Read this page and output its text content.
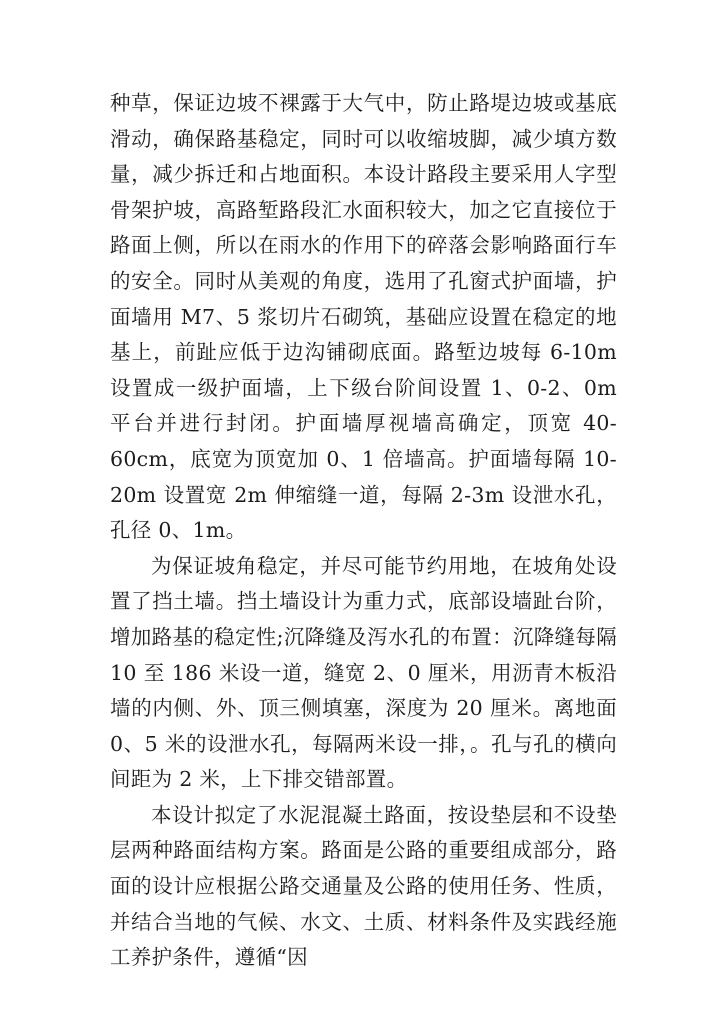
种草，保证边坡不裸露于大气中，防止路堤边坡或基底滑动，确保路基稳定，同时可以收缩坡脚，减少填方数量，减少拆迁和占地面积。本设计路段主要采用人字型骨架护坡，高路堑路段汇水面积较大，加之它直接位于路面上侧，所以在雨水的作用下的碎落会影响路面行车的安全。同时从美观的角度，选用了孔窗式护面墙，护面墙用 M7、5 浆切片石砌筑，基础应设置在稳定的地基上，前趾应低于边沟铺砌底面。路堑边坡每 6-10m 设置成一级护面墙，上下级台阶间设置 1、0-2、0m 平台并进行封闭。护面墙厚视墙高确定，顶宽 40-60cm，底宽为顶宽加 0、1 倍墙高。护面墙每隔 10-20m 设置宽 2m 伸缩缝一道，每隔 2-3m 设泄水孔，孔径 0、1m。

为保证坡角稳定，并尽可能节约用地，在坡角处设置了挡土墙。挡土墙设计为重力式，底部设墙趾台阶，增加路基的稳定性;沉降缝及泻水孔的布置：沉降缝每隔 10 至 186 米设一道，缝宽 2、0 厘米，用沥青木板沿墙的内侧、外、顶三侧填塞，深度为 20 厘米。离地面 0、5 米的设泄水孔，每隔两米设一排，。孔与孔的横向间距为 2 米，上下排交错部置。

本设计拟定了水泥混凝土路面，按设垫层和不设垫层两种路面结构方案。路面是公路的重要组成部分，路面的设计应根据公路交通量及公路的使用任务、性质，并结合当地的气候、水文、土质、材料条件及实践经施工养护条件，遵循“因
